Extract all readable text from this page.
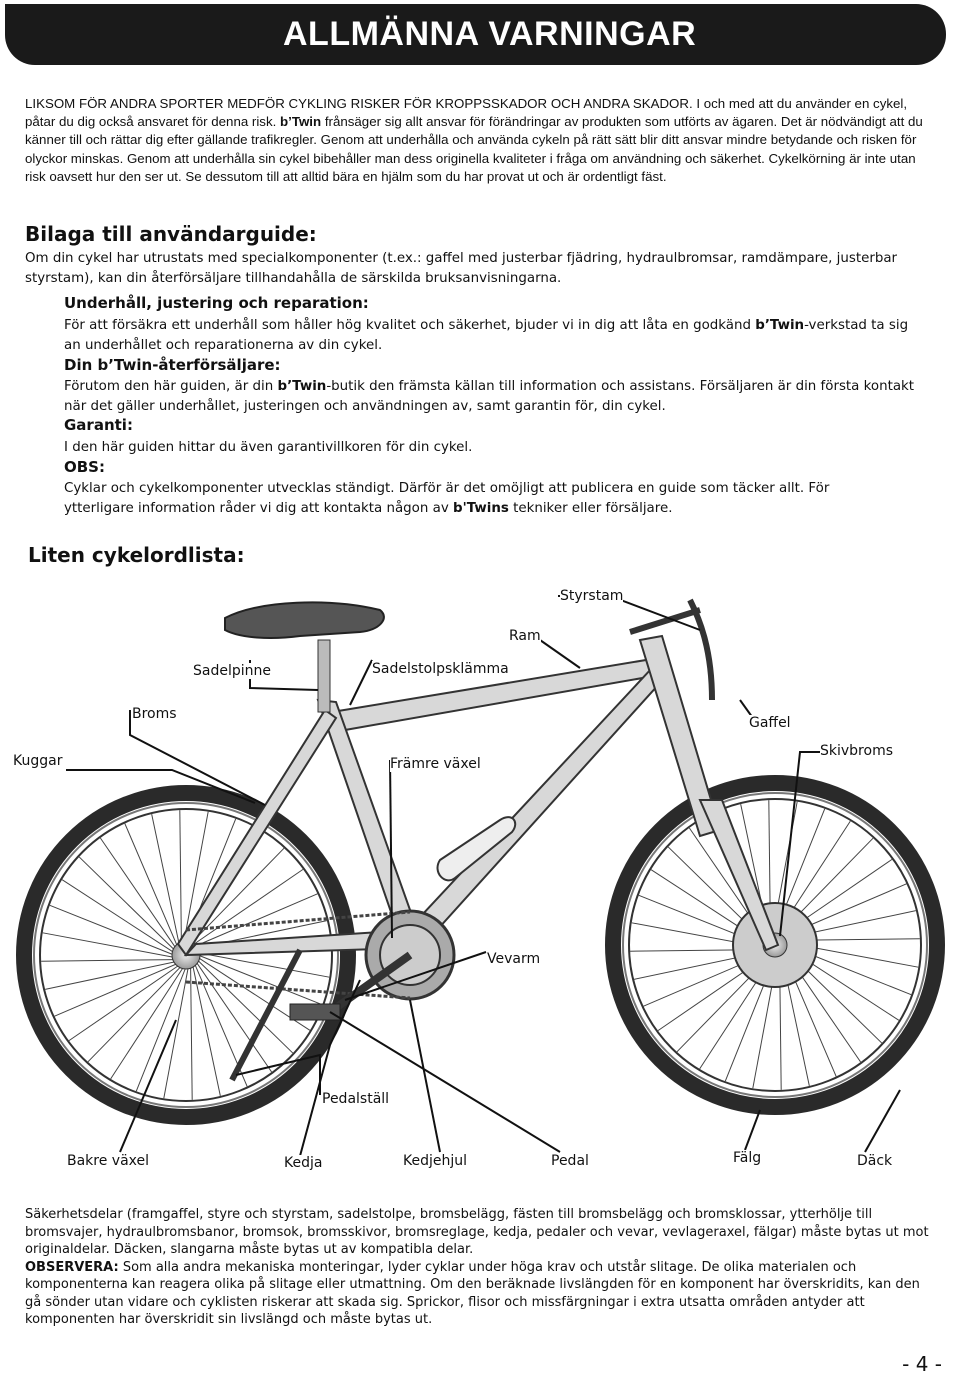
ALLMÄNNA VARNINGAR
LIKSOM FÖR ANDRA SPORTER MEDFÖR CYKLING RISKER FÖR KROPPSSKADOR OCH ANDRA SKADOR. I och med att du använder en cykel, påtar du dig också ansvaret för denna risk. b’Twin frånsäger sig allt ansvar för förändringar av produkten som utförts av ägaren. Det är nödvändigt att du känner till och rättar dig efter gällande trafikregler. Genom att underhålla och använda cykeln på rätt sätt blir ditt ansvar mindre betydande och risken för olyckor minskas. Genom att underhålla sin cykel bibehåller man dess originella kvaliteter i fråga om användning och säkerhet. Cykelkörning är inte utan risk oavsett hur den ser ut. Se dessutom till att alltid bära en hjälm som du har provat ut och är ordentligt fäst.
Bilaga till användarguide:
Om din cykel har utrustats med specialkomponenter (t.ex.: gaffel med justerbar fjädring, hydraulbromsar, ramdämpare, justerbar styrstam), kan din återförsäljare tillhandahålla de särskilda bruksanvisningarna.
Underhåll, justering och reparation:
För att försäkra ett underhåll som håller hög kvalitet och säkerhet, bjuder vi in dig att låta en godkänd b’Twin-verkstad ta sig an underhållet och reparationerna av din cykel.
Din b’Twin-återförsäljare:
Förutom den här guiden, är din b’Twin-butik den främsta källan till information och assistans. Försäljaren är din första kontakt när det gäller underhållet, justeringen och användningen av, samt garantin för, din cykel.
Garanti:
I den här guiden hittar du även garantivillkoren för din cykel.
OBS:
Cyklar och cykelkomponenter utvecklas ständigt. Därför är det omöjligt att publicera en guide som täcker allt. För ytterligare information råder vi dig att kontakta någon av b'Twins tekniker eller försäljare.
Liten cykelordlista:
Styrstam
Ram
Sadelpinne	Sadelstolpsklämma
Broms
Gaffel
Kuggar
Skivbroms
Främre växel
Vevarm
Pedalställ
Bakre växel	Kedja	Kedjehjul	Pedal	Fälg	Däck
Säkerhetsdelar (framgaffel, styre och styrstam, sadelstolpe, bromsbelägg, fästen till bromsbelägg och bromsklossar, ytterhölje till bromsvajer, hydraulbromsbanor, bromsok, bromsskivor, bromsreglage, kedja, pedaler och vevar, vevlageraxel, fälgar) måste bytas ut mot originaldelar. Däcken, slangarna måste bytas ut av kompatibla delar.
OBSERVERA: Som alla andra mekaniska monteringar, lyder cyklar under höga krav och utstår slitage. De olika materialen och komponenterna kan reagera olika på slitage eller utmattning. Om den beräknade livslängden för en komponent har överskridits, kan den gå sönder utan vidare och cyklisten riskerar att skada sig. Sprickor, flisor och missfärgningar i extra utsatta områden antyder att komponenten har överskridit sin livslängd och måste bytas ut.
- 4 -
